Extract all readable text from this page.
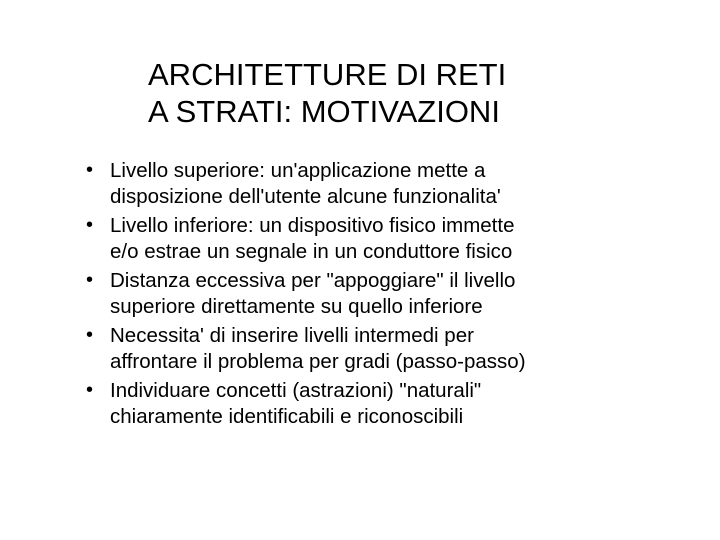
ARCHITETTURE DI RETI
A STRATI: MOTIVAZIONI
• Livello superiore: un'applicazione mette a
disposizione dell'utente alcune funzionalita'
• Livello inferiore: un dispositivo fisico immette
e/o estrae un segnale in un conduttore fisico
• Distanza eccessiva per "appoggiare" il livello
superiore direttamente su quello inferiore
• Necessita' di inserire livelli intermedi per
affrontare il problema per gradi (passo-passo)
• Individuare concetti (astrazioni) "naturali"
chiaramente identificabili e riconoscibili
